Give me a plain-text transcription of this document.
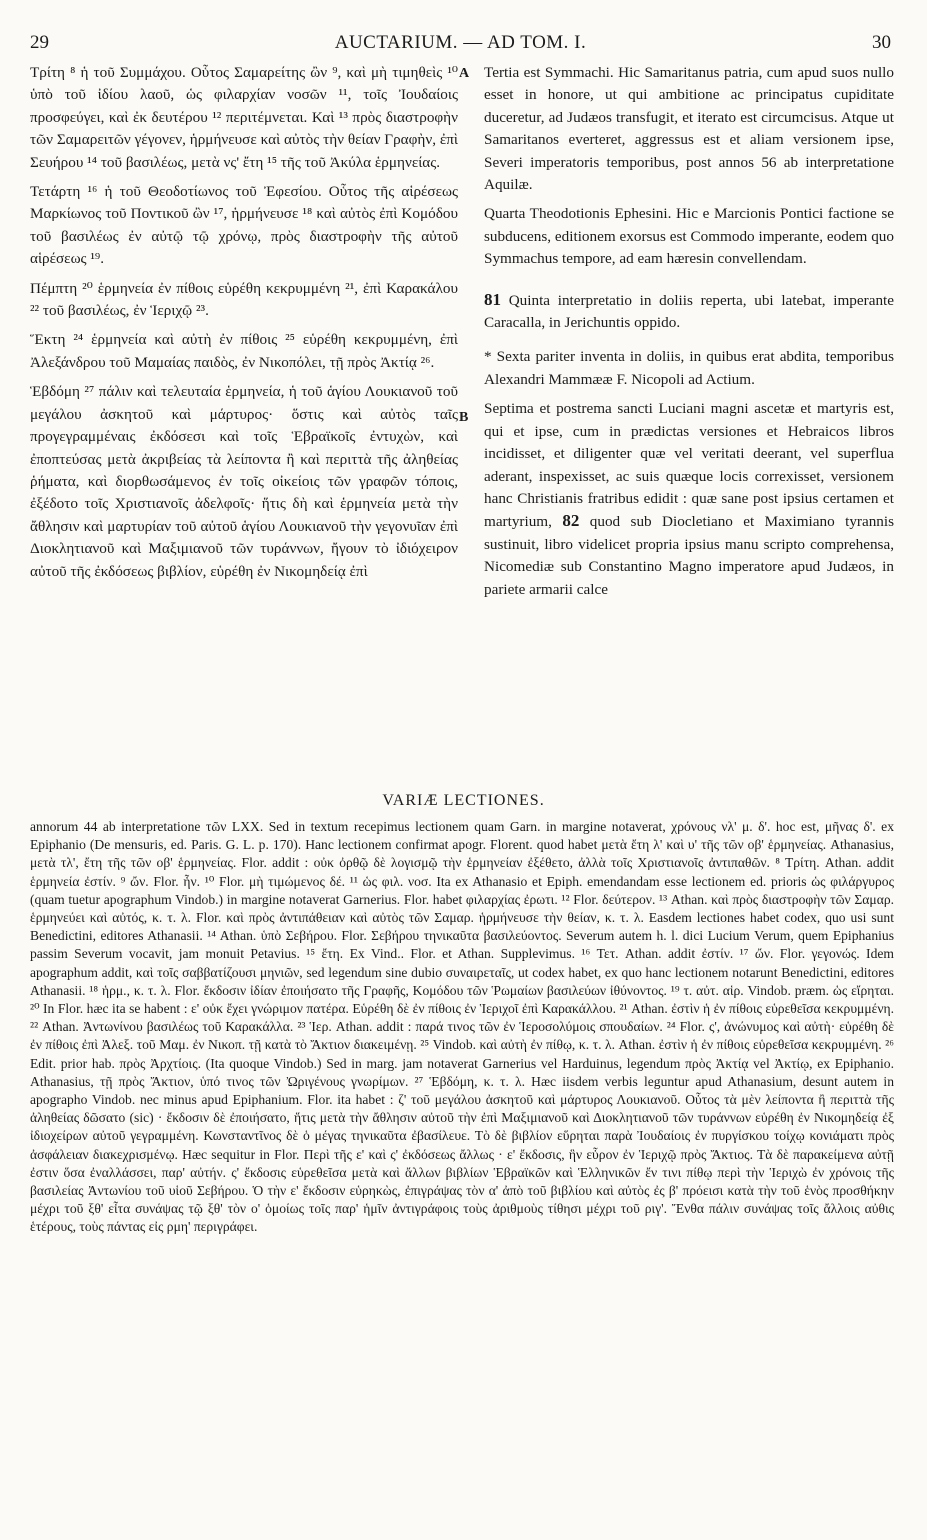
29	AUCTARIUM. — AD TOM. I.	30
A
B

Τρίτη ⁸ ἡ τοῦ Συμμάχου. Οὗτος Σαμαρείτης ὢν ⁹, καὶ μὴ τιμηθεὶς ¹⁰ ὑπὸ τοῦ ἰδίου λαοῦ, ὡς φιλαρχίαν νοσῶν ¹¹, τοῖς Ἰουδαίοις προσφεύγει, καὶ ἐκ δευτέρου ¹² περιτέμνεται. Καὶ ¹³ πρὸς διαστροφὴν τῶν Σαμαρειτῶν γέγονεν, ἡρμήνευσε καὶ αὐτὸς τὴν θείαν Γραφὴν, ἐπὶ Σευήρου ¹⁴ τοῦ βασιλέως, μετὰ νς' ἔτη ¹⁵ τῆς τοῦ Ἀκύλα ἑρμηνείας.

Τετάρτη ¹⁶ ἡ τοῦ Θεοδοτίωνος τοῦ Ἐφεσίου. Οὗτος τῆς αἱρέσεως Μαρκίωνος τοῦ Ποντικοῦ ὢν ¹⁷, ἡρμήνευσε ¹⁸ καὶ αὐτὸς ἐπὶ Κομόδου τοῦ βασιλέως ἐν αὐτῷ τῷ χρόνῳ, πρὸς διαστροφὴν τῆς αὐτοῦ αἱρέσεως ¹⁹.

Πέμπτη ²⁰ ἑρμηνεία ἐν πίθοις εὑρέθη κεκρυμμένη ²¹, ἐπὶ Καρακάλου ²² τοῦ βασιλέως, ἐν Ἱεριχῷ ²³.

Ἕκτη ²⁴ ἑρμηνεία καὶ αὐτὴ ἐν πίθοις ²⁵ εὑρέθη κεκρυμμένη, ἐπὶ Ἀλεξάνδρου τοῦ Μαμαίας παιδὸς, ἐν Νικοπόλει, τῇ πρὸς Ἀκτίᾳ ²⁶.

Ἑβδόμη ²⁷ πάλιν καὶ τελευταία ἑρμηνεία, ἡ τοῦ ἁγίου Λουκιανοῦ τοῦ μεγάλου ἀσκητοῦ καὶ μάρτυρος· ὅστις καὶ αὐτὸς ταῖς προγεγραμμέναις ἐκδόσεσι καὶ τοῖς Ἑβραϊκοῖς ἐντυχὼν, καὶ ἐποπτεύσας μετὰ ἀκριβείας τὰ λείποντα ἢ καὶ περιττὰ τῆς ἀληθείας ῥήματα, καὶ διορθωσάμενος ἐν τοῖς οἰκείοις τῶν γραφῶν τόποις, ἐξέδοτο τοῖς Χριστιανοῖς ἀδελφοῖς· ἥτις δὴ καὶ ἑρμηνεία μετὰ τὴν ἄθλησιν καὶ μαρτυρίαν τοῦ αὐτοῦ ἁγίου Λουκιανοῦ τὴν γεγονυῖαν ἐπὶ Διοκλητιανοῦ καὶ Μαξιμιανοῦ τῶν τυράννων, ἤγουν τὸ ἰδιόχειρον αὐτοῦ τῆς ἐκδόσεως βιβλίον, εὑρέθη ἐν Νικομηδείᾳ ἐπὶ

Tertia est Symmachi. Hic Samaritanus patria, cum apud suos nullo esset in honore, ut qui ambitione ac principatus cupiditate duceretur, ad Judæos transfugit, et iterato est circumcisus. Atque ut Samaritanos everteret, aggressus est et aliam versionem ipse, Severi imperatoris temporibus, post annos 56 ab interpretatione Aquilæ.

Quarta Theodotionis Ephesini. Hic e Marcionis Pontici factione se subducens, editionem exorsus est Commodo imperante, eodem quo Symmachus tempore, ad eam hæresin convellendam.

81 Quinta interpretatio in doliis reperta, ubi latebat, imperante Caracalla, in Jerichuntis oppido.

* Sexta pariter inventa in doliis, in quibus erat abdita, temporibus Alexandri Mammææ F. Nicopoli ad Actium.

Septima et postrema sancti Luciani magni ascetæ et martyris est, qui et ipse, cum in prædictas versiones et Hebraicos libros incidisset, et diligenter quæ vel veritati deerant, vel superflua aderant, inspexisset, ac suis quæque locis correxisset, versionem hanc Christianis fratribus edidit : quæ sane post ipsius certamen et martyrium, 82 quod sub Diocletiano et Maximiano tyrannis sustinuit, libro videlicet propria ipsius manu scripto comprehensa, Nicomediæ sub Constantino Magno imperatore apud Judæos, in pariete armarii calce

VARIÆ LECTIONES.

annorum 44 ab interpretatione τῶν LXX. Sed in textum recepimus lectionem quam Garn. in margine notaverat, χρόνους νλ' μ. δ'. hoc est, μῆνας δ'. ex Epiphanio (De mensuris, ed. Paris. G. L. p. 170). Hanc lectionem confirmat apogr. Florent. quod habet μετὰ ἔτη λ' καὶ υ' τῆς τῶν οβ' ἑρμηνείας. Athanasius, μετὰ τλ', ἔτη τῆς τῶν οβ' ἑρμηνείας. Flor. addit : οὐκ ὀρθῷ δὲ λογισμῷ τὴν ἑρμηνείαν ἐξέθετο, ἀλλὰ τοῖς Χριστιανοῖς ἀντιπαθῶν. ⁸ Τρίτη. Athan. addit ἑρμηνεία ἐστίν. ⁹ ὤν. Flor. ἦν. ¹⁰ Flor. μὴ τιμώμενος δέ. ¹¹ ὡς φιλ. νοσ. Ita ex Athanasio et Epiph. emendandam esse lectionem ed. prioris ὡς φιλάργυρος (quam tuetur apographum Vindob.) in margine notaverat Garnerius. Flor. habet φιλαρχίας ἐρωτι. ¹² Flor. δεύτερον. ¹³ Athan. καὶ πρὸς διαστροφὴν τῶν Σαμαρ. ἑρμηνεύει καὶ αὐτός, κ. τ. λ. Flor. καὶ πρὸς ἀντιπάθειαν καὶ αὐτὸς τῶν Σαμαρ. ἡρμήνευσε τὴν θείαν, κ. τ. λ. Easdem lectiones habet codex, quo usi sunt Benedictini, editores Athanasii. ¹⁴ Athan. ὑπὸ Σεβήρου. Flor. Σεβήρου τηνικαῦτα βασιλεύοντος. Severum autem h. l. dici Lucium Verum, quem Epiphanius passim Severum vocavit, jam monuit Petavius. ¹⁵ ἔτη. Ex Vind.. Flor. et Athan. Supplevimus. ¹⁶ Τετ. Athan. addit ἐστίν. ¹⁷ ὤν. Flor. γεγονώς. Idem apographum addit, καὶ τοῖς σαββατίζουσι μηνιῶν, sed legendum sine dubio συναιρεταῖς, ut codex habet, ex quo hanc lectionem notarunt Benedictini, editores Athanasii. ¹⁸ ἡρμ., κ. τ. λ. Flor. ἔκδοσιν ἰδίαν ἐποιήσατο τῆς Γραφῆς, Κομόδου τῶν Ῥωμαίων βασιλεύων ἰθύνοντος. ¹⁹ τ. αὐτ. αἱρ. Vindob. præm. ὡς εἴρηται. ²⁰ In Flor. hæc ita se habent : ε' οὐκ ἔχει γνώριμον πατέρα. Εὑρέθη δὲ ἐν πίθοις ἐν Ἱεριχοῖ ἐπὶ Καρακάλλου. ²¹ Athan. ἐστὶν ἡ ἐν πίθοις εὑρεθεῖσα κεκρυμμένη. ²² Athan. Ἀντωνίνου βασιλέως τοῦ Καρακάλλα. ²³ Ἱερ. Athan. addit : παρά τινος τῶν ἐν Ἱεροσολύμοις σπουδαίων. ²⁴ Flor. ς', ἀνώνυμος καὶ αὐτὴ· εὑρέθη δὲ ἐν πίθοις ἐπὶ Ἀλεξ. τοῦ Μαμ. ἐν Νικοπ. τῇ κατὰ τὸ Ἄκτιον διακειμένῃ. ²⁵ Vindob. καὶ αὐτὴ ἐν πίθῳ, κ. τ. λ. Athan. ἐστὶν ἡ ἐν πίθοις εὑρεθεῖσα κεκρυμμένη. ²⁶ Edit. prior hab. πρὸς Ἀρχτίοις. (Ita quoque Vindob.) Sed in marg. jam notaverat Garnerius vel Harduinus, legendum πρὸς Ἀκτίᾳ vel Ἀκτίῳ, ex Epiphanio. Athanasius, τῇ πρὸς Ἄκτιον, ὑπό τινος τῶν Ὠριγένους γνωρίμων. ²⁷ Ἑβδόμη, κ. τ. λ. Hæc iisdem verbis leguntur apud Athanasium, desunt autem in apographo Vindob. nec minus apud Epiphanium. Flor. ita habet : ζ' τοῦ μεγάλου ἀσκητοῦ καὶ μάρτυρος Λουκιανοῦ. Οὗτος τὰ μὲν λείποντα ἢ περιττὰ τῆς ἀληθείας δῶσατο (sic) · ἔκδοσιν δὲ ἐποιήσατο, ἥτις μετὰ τὴν ἄθλησιν αὐτοῦ τὴν ἐπὶ Μαξιμιανοῦ καὶ Διοκλητιανοῦ τῶν τυράννων εὑρέθη ἐν Νικομηδείᾳ ἐξ ἰδιοχείρων αὐτοῦ γεγραμμένη. Κωνσταντῖνος δὲ ὁ μέγας τηνικαῦτα ἐβασίλευε. Τὸ δὲ βιβλίον εὕρηται παρὰ Ἰουδαίοις ἐν πυργίσκου τοίχῳ κονιάματι πρὸς ἀσφάλειαν διακεχρισμένῳ. Hæc sequitur in Flor. Περὶ τῆς ε' καὶ ς' ἐκδόσεως ἄλλως · ε' ἔκδοσις, ἣν εὗρον ἐν Ἱεριχῷ πρὸς Ἄκτιος. Τὰ δὲ παρακείμενα αὐτῇ ἐστιν ὅσα ἐναλλάσσει, παρ' αὐτήν. ς' ἔκδοσις εὑρεθεῖσα μετὰ καὶ ἄλλων βιβλίων Ἑβραϊκῶν καὶ Ἑλληνικῶν ἔν τινι πίθῳ περὶ τὴν Ἱεριχὼ ἐν χρόνοις τῆς βασιλείας Ἀντωνίου τοῦ υἱοῦ Σεβήρου. Ὁ τὴν ε' ἔκδοσιν εὑρηκὼς, ἐπιγράψας τὸν α' ἀπὸ τοῦ βιβλίου καὶ αὐτὸς ἐς β' πρόεισι κατὰ τὴν τοῦ ἑνὸς προσθήκην μέχρι τοῦ ξθ' εἶτα συνάψας τῷ ξθ' τὸν ο' ὁμοίως τοῖς παρ' ἡμῖν ἀντιγράφοις τοὺς ἀριθμοὺς τίθησι μέχρι τοῦ ριγ'. Ἔνθα πάλιν συνάψας τοῖς ἄλλοις αὐθις ἑτέρους, τοὺς πάντας εἰς ρμη' περιγράφει.
